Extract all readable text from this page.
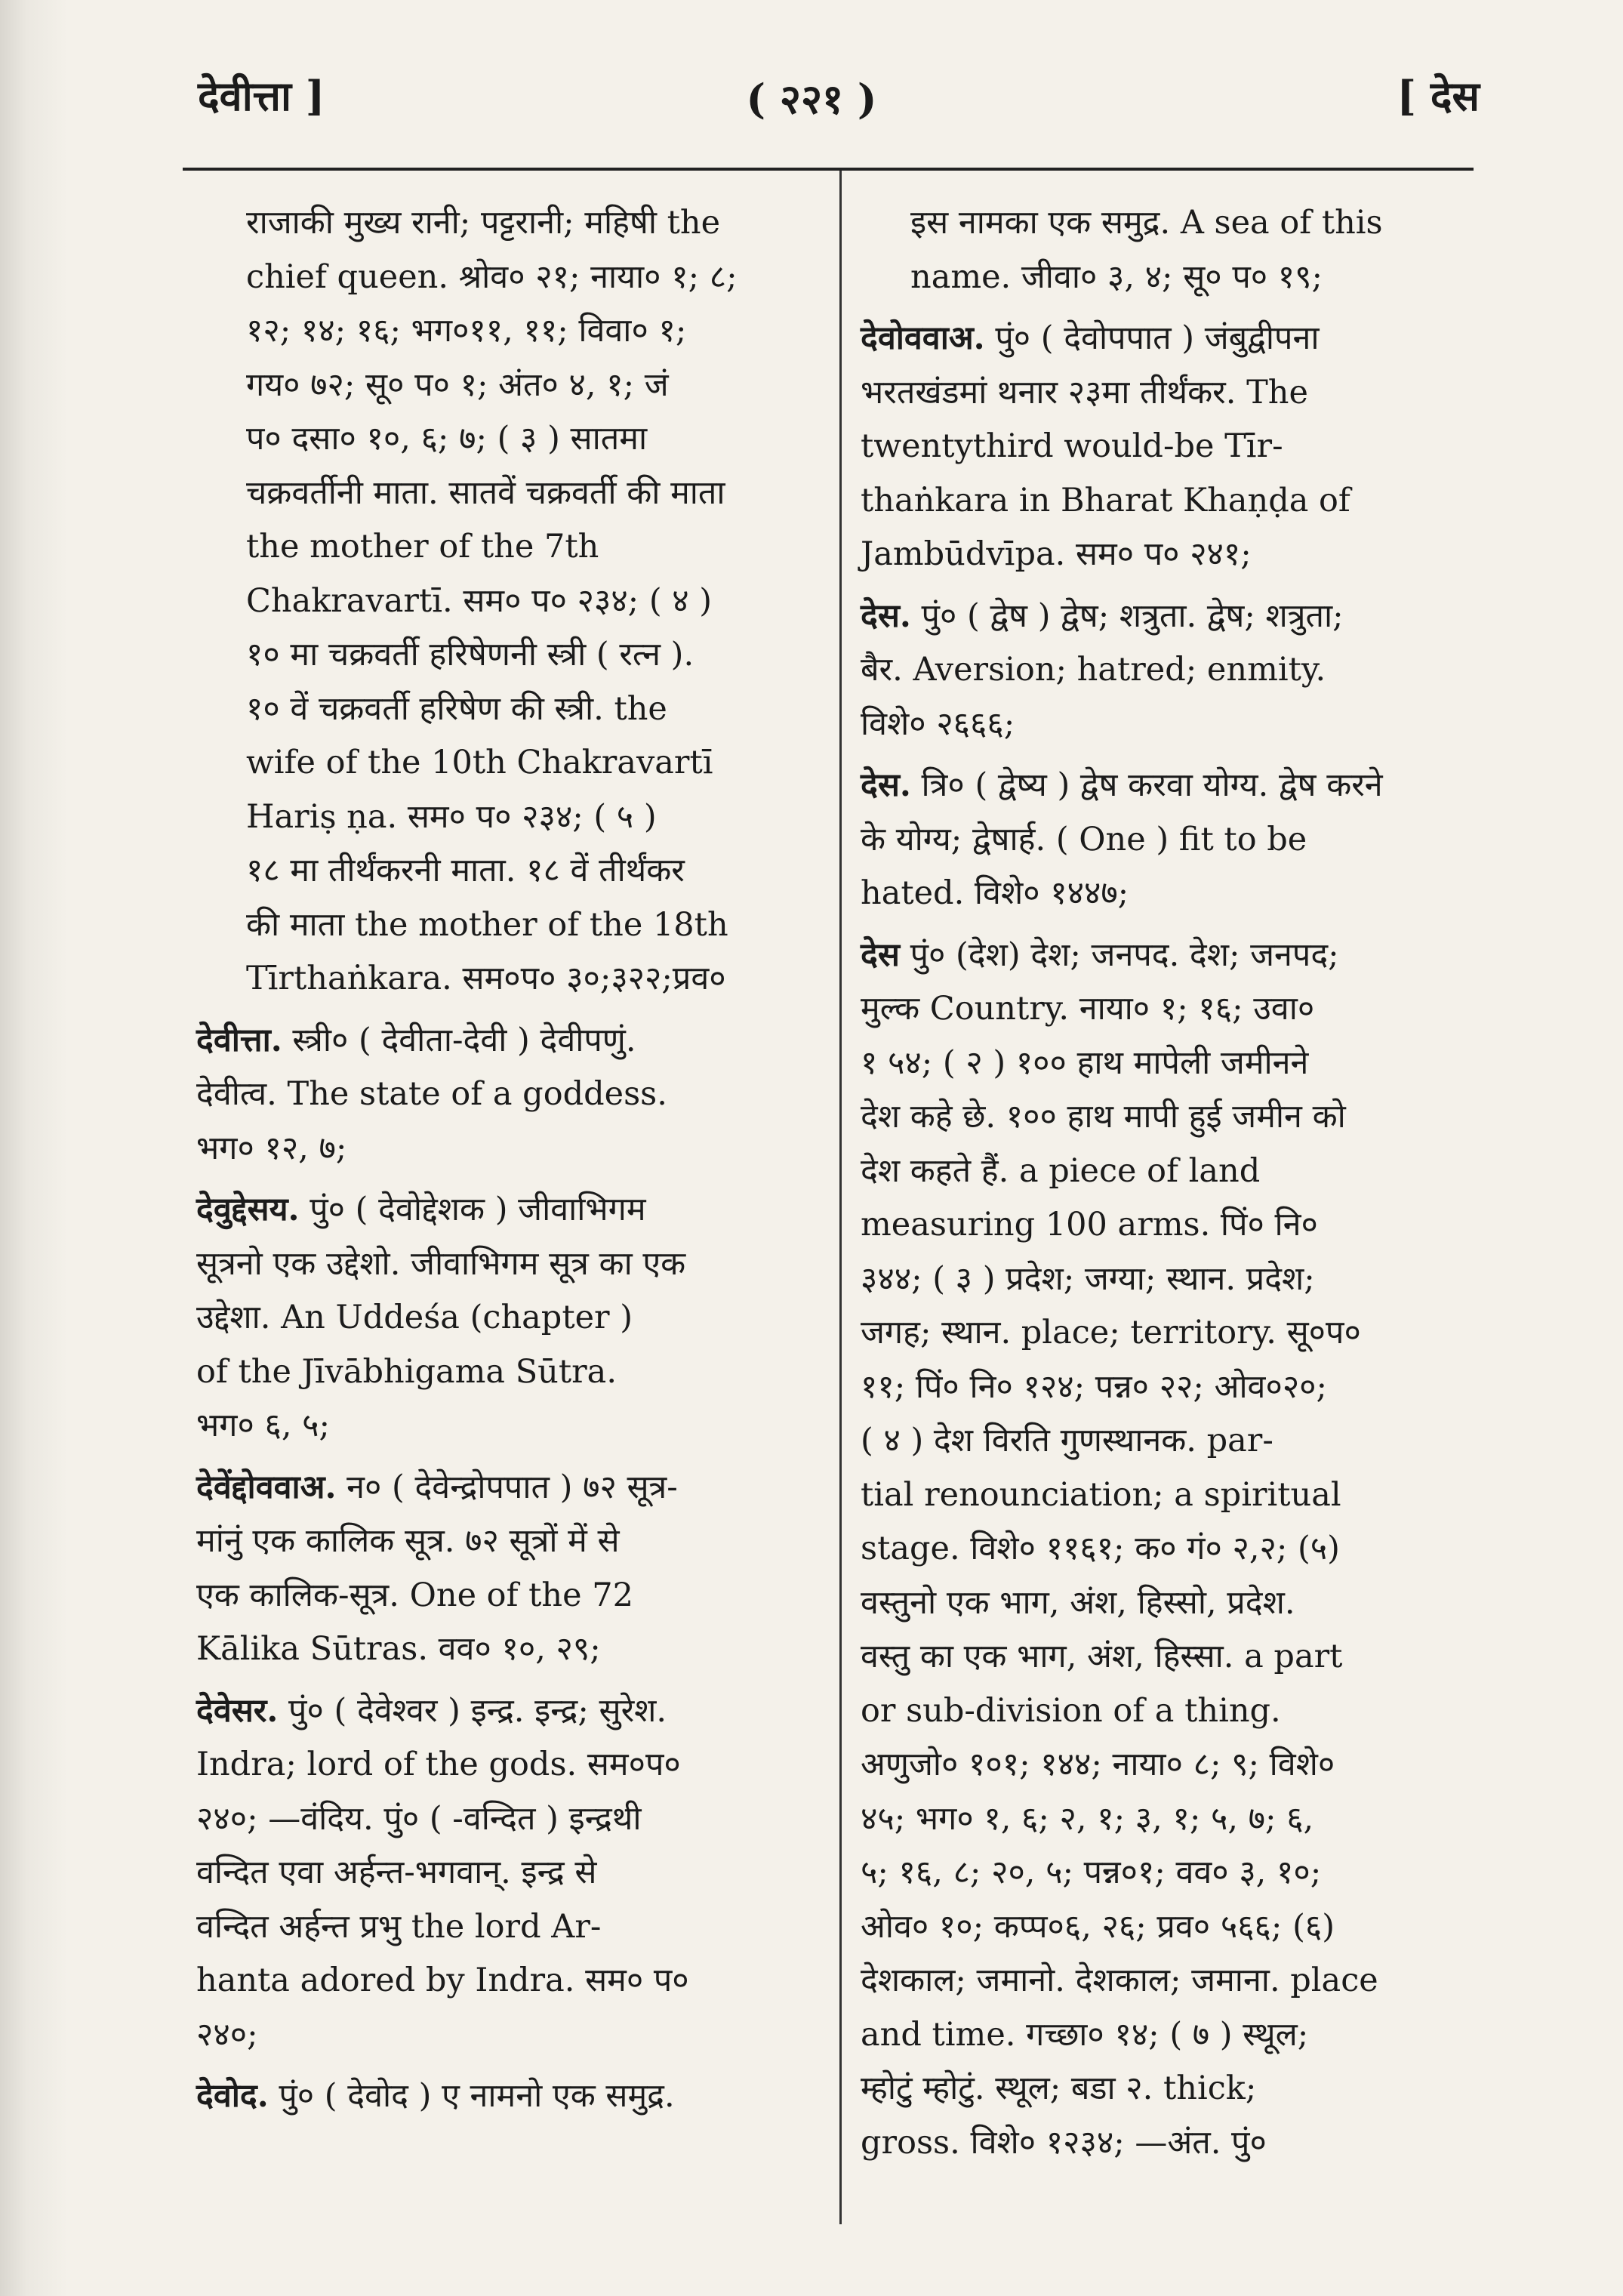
देवीत्ता ]	( २२१ )	[ देस
राजाकी मुख्य रानी; पट्टरानी; महिषी the
chief queen. श्रोव० २१; नाया० १; ८;
१२; १४; १६; भग०११, ११; विवा० १;
गय० ७२; सू० प० १; अंत० ४, १; जं
प० दसा० १०, ६; ७; ( ३ ) सातमा
चक्रवर्तीनी माता. सातवें चक्रवर्ती की माता
the mother of the 7th
Chakravartī. सम० प० २३४; ( ४ )
१० मा चक्रवर्ती हरिषेणनी स्त्री ( रत्न ).
१० वें चक्रवर्ती हरिषेण की स्त्री. the
wife of the 10th Chakravartī
Hariṣ ṇa. सम० प० २३४; ( ५ )
१८ मा तीर्थंकरनी माता. १८ वें तीर्थंकर
की माता the mother of the 18th
Tīrthaṅkara. सम०प० ३०;३२२;प्रव०
देवीत्ता. स्त्री० ( देवीता-देवी ) देवीपणुं.
देवीत्व. The state of a goddess.
भग० १२, ७;
देवुद्देसय. पुं० ( देवोद्देशक ) जीवाभिगम
सूत्रनो एक उद्देशो. जीवाभिगम सूत्र का एक
उद्देशा. An Uddeśa (chapter )
of the Jīvābhigama Sūtra.
भग० ६, ५;
देवेंद्दोववाअ. न० ( देवेन्द्रोपपात ) ७२ सूत्र-
मांनुं एक कालिक सूत्र. ७२ सूत्रों में से
एक कालिक-सूत्र. One of the 72
Kālika Sūtras. वव० १०, २९;
देवेसर. पुं० ( देवेश्वर ) इन्द्र. इन्द्र; सुरेश.
Indra; lord of the gods. सम०प०
२४०; —वंदिय. पुं० ( -वन्दित ) इन्द्रथी
वन्दित एवा अर्हन्त-भगवान्. इन्द्र से
वन्दित अर्हन्त प्रभु the lord Ar-
hanta adored by Indra. सम० प०
२४०;
देवोद. पुं० ( देवोद ) ए नामनो एक समुद्र.
इस नामका एक समुद्र. A sea of this
name. जीवा० ३, ४; सू० प० १९;
देवोववाअ. पुं० ( देवोपपात ) जंबुद्वीपना
भरतखंडमां थनार २३मा तीर्थंकर. The
twentythird would-be Tīr-
thaṅkara in Bharat Khaṇḍa of
Jambūdvīpa. सम० प० २४१;
देस. पुं० ( द्वेष ) द्वेष; शत्रुता. द्वेष; शत्रुता;
बैर. Aversion; hatred; enmity.
विशे० २६६६;
देस. त्रि० ( द्वेष्य ) द्वेष करवा योग्य. द्वेष करने
के योग्य; द्वेषार्ह. ( One ) fit to be
hated. विशे० १४४७;
देस पुं० (देश) देश; जनपद. देश; जनपद;
मुल्क Country. नाया० १; १६; उवा०
१ ५४; ( २ ) १०० हाथ मापेली जमीनने
देश कहे छे. १०० हाथ मापी हुई जमीन को
देश कहते हैं. a piece of land
measuring 100 arms. पिं० नि०
३४४; ( ३ ) प्रदेश; जग्या; स्थान. प्रदेश;
जगह; स्थान. place; territory. सू०प०
११; पिं० नि० १२४; पन्न० २२; ओव०२०;
( ४ ) देश विरति गुणस्थानक. par-
tial renounciation; a spiritual
stage. विशे० ११६१; क० गं० २,२; (५)
वस्तुनो एक भाग, अंश, हिस्सो, प्रदेश.
वस्तु का एक भाग, अंश, हिस्सा. a part
or sub-division of a thing.
अणुजो० १०१; १४४; नाया० ८; ९; विशे०
४५; भग० १, ६; २, १; ३, १; ५, ७; ६,
५; १६, ८; २०, ५; पन्न०१; वव० ३, १०;
ओव० १०; कप्प०६, २६; प्रव० ५६६; (६)
देशकाल; जमानो. देशकाल; जमाना. place
and time. गच्छा० १४; ( ७ ) स्थूल;
म्होटुं म्होटुं. स्थूल; बडा २. thick;
gross. विशे० १२३४; —अंत. पुं०
